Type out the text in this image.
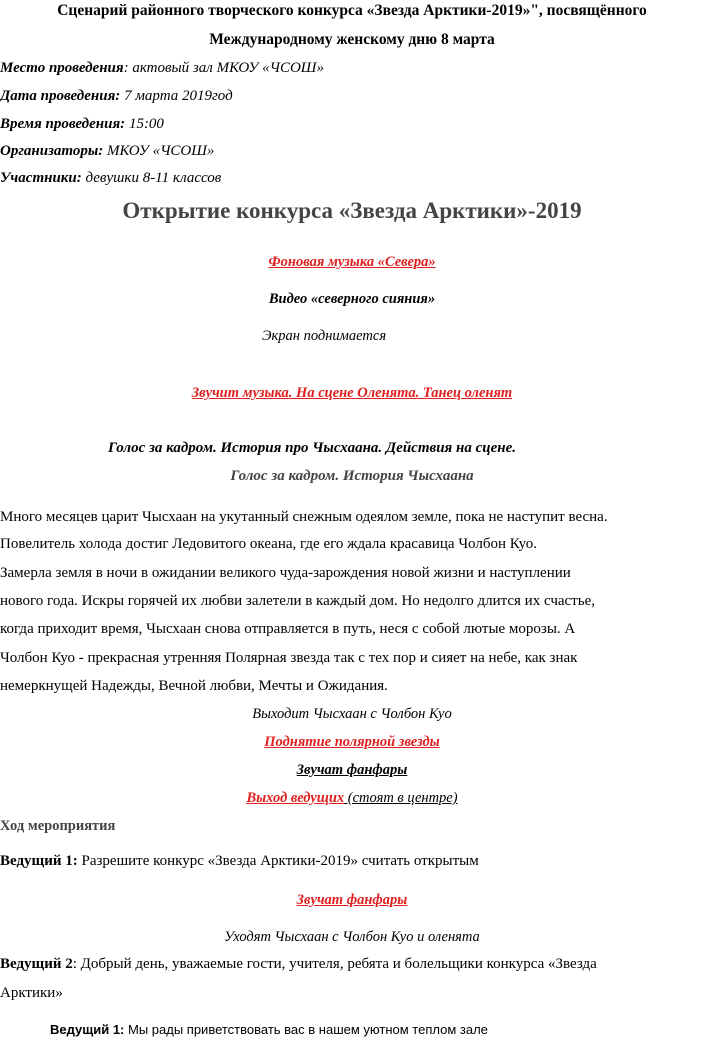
Сценарий районного творческого конкурса «Звезда Арктики-2019»", посвящённого
Международному женскому дню 8 марта
Место проведения: актовый зал МКОУ «ЧСОШ»
Дата проведения: 7 марта 2019год
Время проведения: 15:00
Организаторы: МКОУ «ЧСОШ»
Участники: девушки 8-11 классов
Открытие конкурса «Звезда Арктики»-2019
Фоновая музыка «Севера»
Видео «северного сияния»
Экран поднимается
Звучит музыка. На сцене Оленята. Танец оленят
Голос за кадром. История про Чысхаана. Действия на сцене.
Голос за кадром. История Чысхаана
Много месяцев царит Чысхаан на укутанный снежным одеялом земле, пока не наступит весна.
Повелитель холода достиг Ледовитого океана, где его ждала красавица Чолбон Куо.
Замерла земля в ночи в ожидании великого чуда-зарождения новой жизни и наступлении
нового года. Искры горячей их любви залетели в каждый дом. Но недолго длится их счастье,
когда приходит время, Чысхаан снова отправляется в путь, неся с собой лютые морозы. А
Чолбон Куо - прекрасная утренняя Полярная звезда так с тех пор и сияет на небе, как знак
немеркнущей Надежды, Вечной любви, Мечты и Ожидания.
Выходит Чысхаан с Чолбон Куо
Поднятие полярной звезды
Звучат фанфары
Выход ведущих (стоят в центре)
Ход мероприятия
Ведущий 1: Разрешите конкурс «Звезда Арктики-2019» считать открытым
Звучат фанфары
Уходят Чысхаан с Чолбон Куо и оленята
Ведущий 2: Добрый день, уважаемые гости, учителя, ребята и болельщики конкурса «Звезда
Арктики»
Ведущий 1: Мы рады приветствовать вас в нашем уютном теплом зале
